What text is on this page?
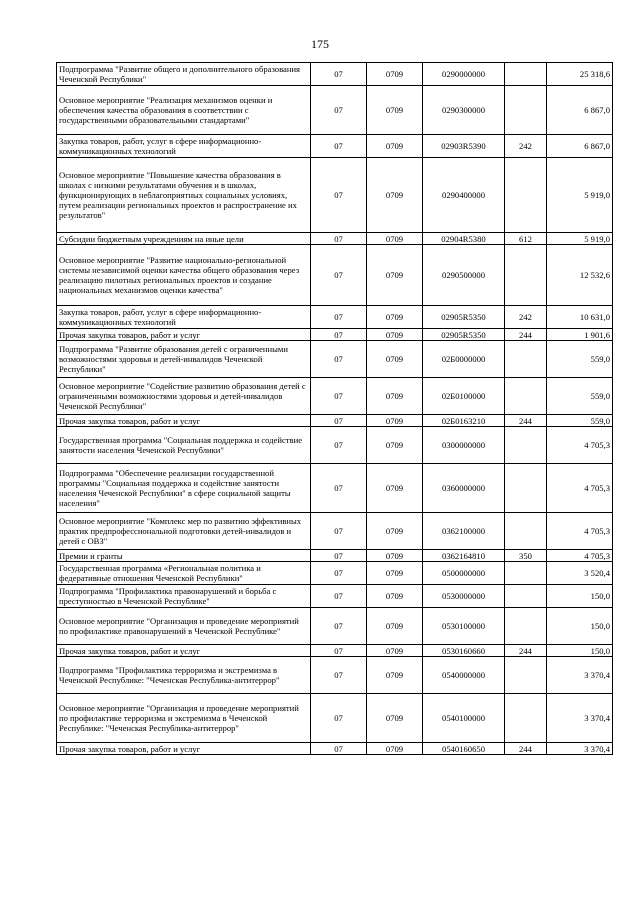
175
Подпрограмма "Развитие общего и дополнительного образования Чеченской Республики"	07	0709	0290000000		25 318,6
Основное мероприятие "Реализация механизмов оценки и обеспечения качества образования в соответствии с государственными образовательными стандартами"	07	0709	0290300000		6 867,0
Закупка товаров, работ, услуг в сфере информационно-коммуникационных технологий	07	0709	02903R5390	242	6 867,0
Основное мероприятие "Повышение качества образования в школах с низкими результатами обучения и в школах, функционирующих в неблагоприятных социальных условиях, путем реализации региональных проектов и распространение их результатов"	07	0709	0290400000		5 919,0
Субсидии бюджетным учреждениям на иные цели	07	0709	02904R5380	612	5 919,0
Основное мероприятие "Развитие национально-региональной системы независимой оценки качества общего образования через реализацию пилотных региональных проектов и создание национальных механизмов оценки качества"	07	0709	0290500000		12 532,6
Закупка товаров, работ, услуг в сфере информационно-коммуникационных технологий	07	0709	02905R5350	242	10 631,0
Прочая закупка товаров, работ и услуг	07	0709	02905R5350	244	1 901,6
Подпрограмма "Развитие образования детей с ограниченными возможностями здоровья и детей-инвалидов Чеченской Республики"	07	0709	02Б0000000		559,0
Основное мероприятие "Содействие развитию образования детей с ограниченными возможностями здоровья и детей-инвалидов Чеченской Республики"	07	0709	02Б0100000		559,0
Прочая закупка товаров, работ и услуг	07	0709	02Б0163210	244	559,0
Государственная программа "Социальная поддержка и содействие занятости населения Чеченской Республики"	07	0709	0300000000		4 705,3
Подпрограмма "Обеспечение реализации государственной программы "Социальная поддержка и содействие занятости населения Чеченской Республики" в сфере социальной защиты населения"	07	0709	0360000000		4 705,3
Основное мероприятие "Комплекс мер по развитию эффективных практик предпрофессиональной подготовки детей-инвалидов и детей с ОВЗ"	07	0709	0362100000		4 705,3
Премии и гранты	07	0709	0362164810	350	4 705,3
Государственная программа «Региональная политика и федеративные отношения Чеченской Республики"	07	0709	0500000000		3 520,4
Подпрограмма "Профилактика правонарушений и борьба с преступностью в Чеченской Республике"	07	0709	0530000000		150,0
Основное мероприятие "Организация и проведение мероприятий по профилактике правонарушений в Чеченской Республике"	07	0709	0530100000		150,0
Прочая закупка товаров, работ и услуг	07	0709	0530160660	244	150,0
Подпрограмма "Профилактика терроризма и экстремизма в Чеченской Республике: "Чеченская Республика-антитеррор"	07	0709	0540000000		3 370,4
Основное мероприятие "Организация и проведение мероприятий по профилактике терроризма и экстремизма в Чеченской Республике: "Чеченская Республика-антитеррор"	07	0709	0540100000		3 370,4
Прочая закупка товаров, работ и услуг	07	0709	0540160650	244	3 370,4
